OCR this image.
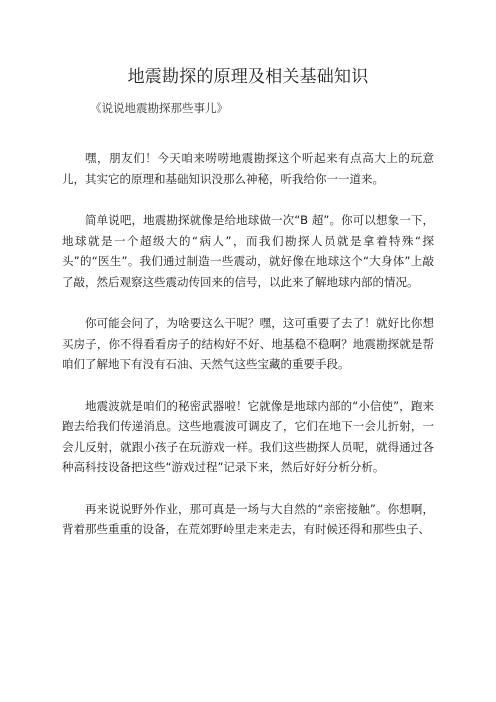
地震勘探的原理及相关基础知识
《说说地震勘探那些事儿》

嘿，朋友们！今天咱来唠唠地震勘探这个听起来有点高大上的玩意儿，其实它的原理和基础知识没那么神秘，听我给你一一道来。

简单说吧，地震勘探就像是给地球做一次“B 超”。你可以想象一下，地球就是一个超级大的“病人”，而我们勘探人员就是拿着特殊“探头”的“医生”。我们通过制造一些震动，就好像在地球这个“大身体”上敲了敲，然后观察这些震动传回来的信号，以此来了解地球内部的情况。

你可能会问了，为啥要这么干呢？嘿，这可重要了去了！就好比你想买房子，你不得看看房子的结构好不好、地基稳不稳啊？地震勘探就是帮咱们了解地下有没有石油、天然气这些宝藏的重要手段。

地震波就是咱们的秘密武器啦！它就像是地球内部的“小信使”，跑来跑去给我们传递消息。这些地震波可调皮了，它们在地下一会儿折射，一会儿反射，就跟小孩子在玩游戏一样。我们这些勘探人员呢，就得通过各种高科技设备把这些“游戏过程”记录下来，然后好好分析分析。

再来说说野外作业，那可真是一场与大自然的“亲密接触”。你想啊，背着那些重重的设备，在荒郊野岭里走来走去，有时候还得和那些虫子、
